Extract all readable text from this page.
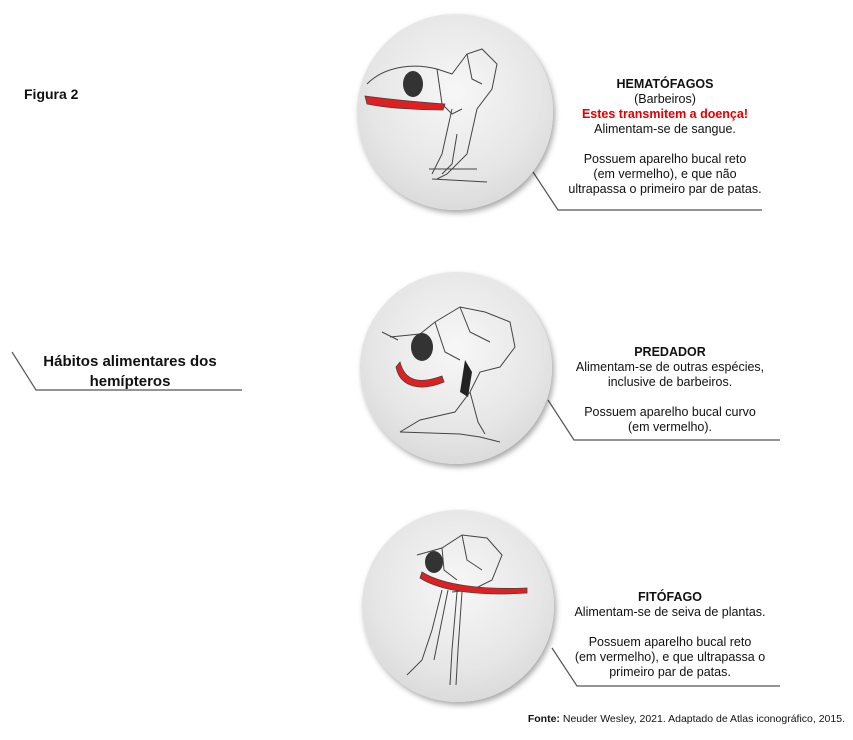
Figura 2
Hábitos alimentares dos hemípteros
HEMATÓFAGOS
(Barbeiros)
Estes transmitem a doença!
Alimentam-se de sangue.
Possuem aparelho bucal reto
(em vermelho), e que não
ultrapassa o primeiro par de patas.
PREDADOR
Alimentam-se de outras espécies,
inclusive de barbeiros.
Possuem aparelho bucal curvo
(em vermelho).
FITÓFAGO
Alimentam-se de seiva de plantas.
Possuem aparelho bucal reto
(em vermelho), e que ultrapassa o
primeiro par de patas.
Fonte: Neuder Wesley, 2021. Adaptado de Atlas iconográfico, 2015.
